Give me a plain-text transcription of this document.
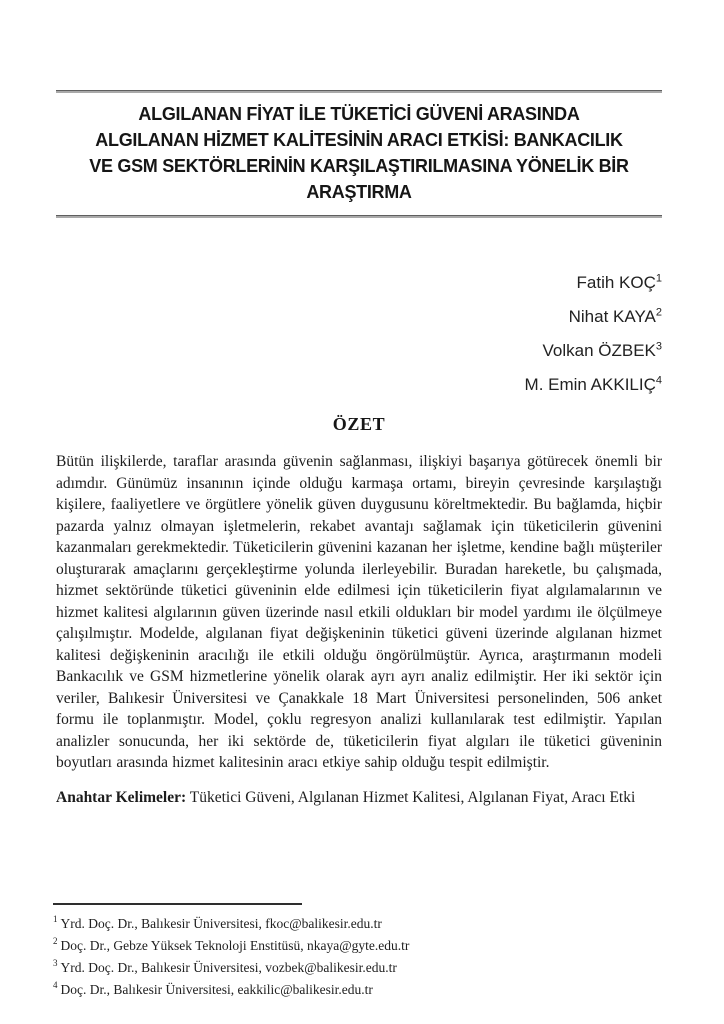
ALGILANAN FİYAT İLE TÜKETİCİ GÜVENİ ARASINDA
ALGILANAN HİZMET KALİTESİNİN ARACI ETKİSİ: BANKACILIK
VE GSM SEKTÖRLERİNİN KARŞILAŞTIRILMASINA YÖNELİK BİR
ARAŞTIRMA
Fatih KOÇ$^1$
Nihat KAYA$^2$
Volkan ÖZBEK$^3$
M. Emin AKKILIÇ$^4$
ÖZET

Bütün ilişkilerde, taraflar arasında güvenin sağlanması, ilişkiyi başarıya götürecek önemli bir adımdır. Günümüz insanının içinde olduğu karmaşa ortamı, bireyin çevresinde karşılaştığı kişilere, faaliyetlere ve örgütlere yönelik güven duygusunu köreltmektedir. Bu bağlamda, hiçbir pazarda yalnız olmayan işletmelerin, rekabet avantajı sağlamak için tüketicilerin güvenini kazanmaları gerekmektedir. Tüketicilerin güvenini kazanan her işletme, kendine bağlı müşteriler oluşturarak amaçlarını gerçekleştirme yolunda ilerleyebilir. Buradan hareketle, bu çalışmada, hizmet sektöründe tüketici güveninin elde edilmesi için tüketicilerin fiyat algılamalarının ve hizmet kalitesi algılarının güven üzerinde nasıl etkili oldukları bir model yardımı ile ölçülmeye çalışılmıştır. Modelde, algılanan fiyat değişkeninin tüketici güveni üzerinde algılanan hizmet kalitesi değişkeninin aracılığı ile etkili olduğu öngörülmüştür. Ayrıca, araştırmanın modeli Bankacılık ve GSM hizmetlerine yönelik olarak ayrı ayrı analiz edilmiştir. Her iki sektör için veriler, Balıkesir Üniversitesi ve Çanakkale 18 Mart Üniversitesi personelinden, 506 anket formu ile toplanmıştır. Model, çoklu regresyon analizi kullanılarak test edilmiştir. Yapılan analizler sonucunda, her iki sektörde de, tüketicilerin fiyat algıları ile tüketici güveninin boyutları arasında hizmet kalitesinin aracı etkiye sahip olduğu tespit edilmiştir.

Anahtar Kelimeler: Tüketici Güveni, Algılanan Hizmet Kalitesi, Algılanan Fiyat, Aracı Etki

$^1$ Yrd. Doç. Dr., Balıkesir Üniversitesi, fkoc@balikesir.edu.tr
$^2$ Doç. Dr., Gebze Yüksek Teknoloji Enstitüsü, nkaya@gyte.edu.tr
$^3$ Yrd. Doç. Dr., Balıkesir Üniversitesi, vozbek@balikesir.edu.tr
$^4$ Doç. Dr., Balıkesir Üniversitesi, eakkilic@balikesir.edu.tr
